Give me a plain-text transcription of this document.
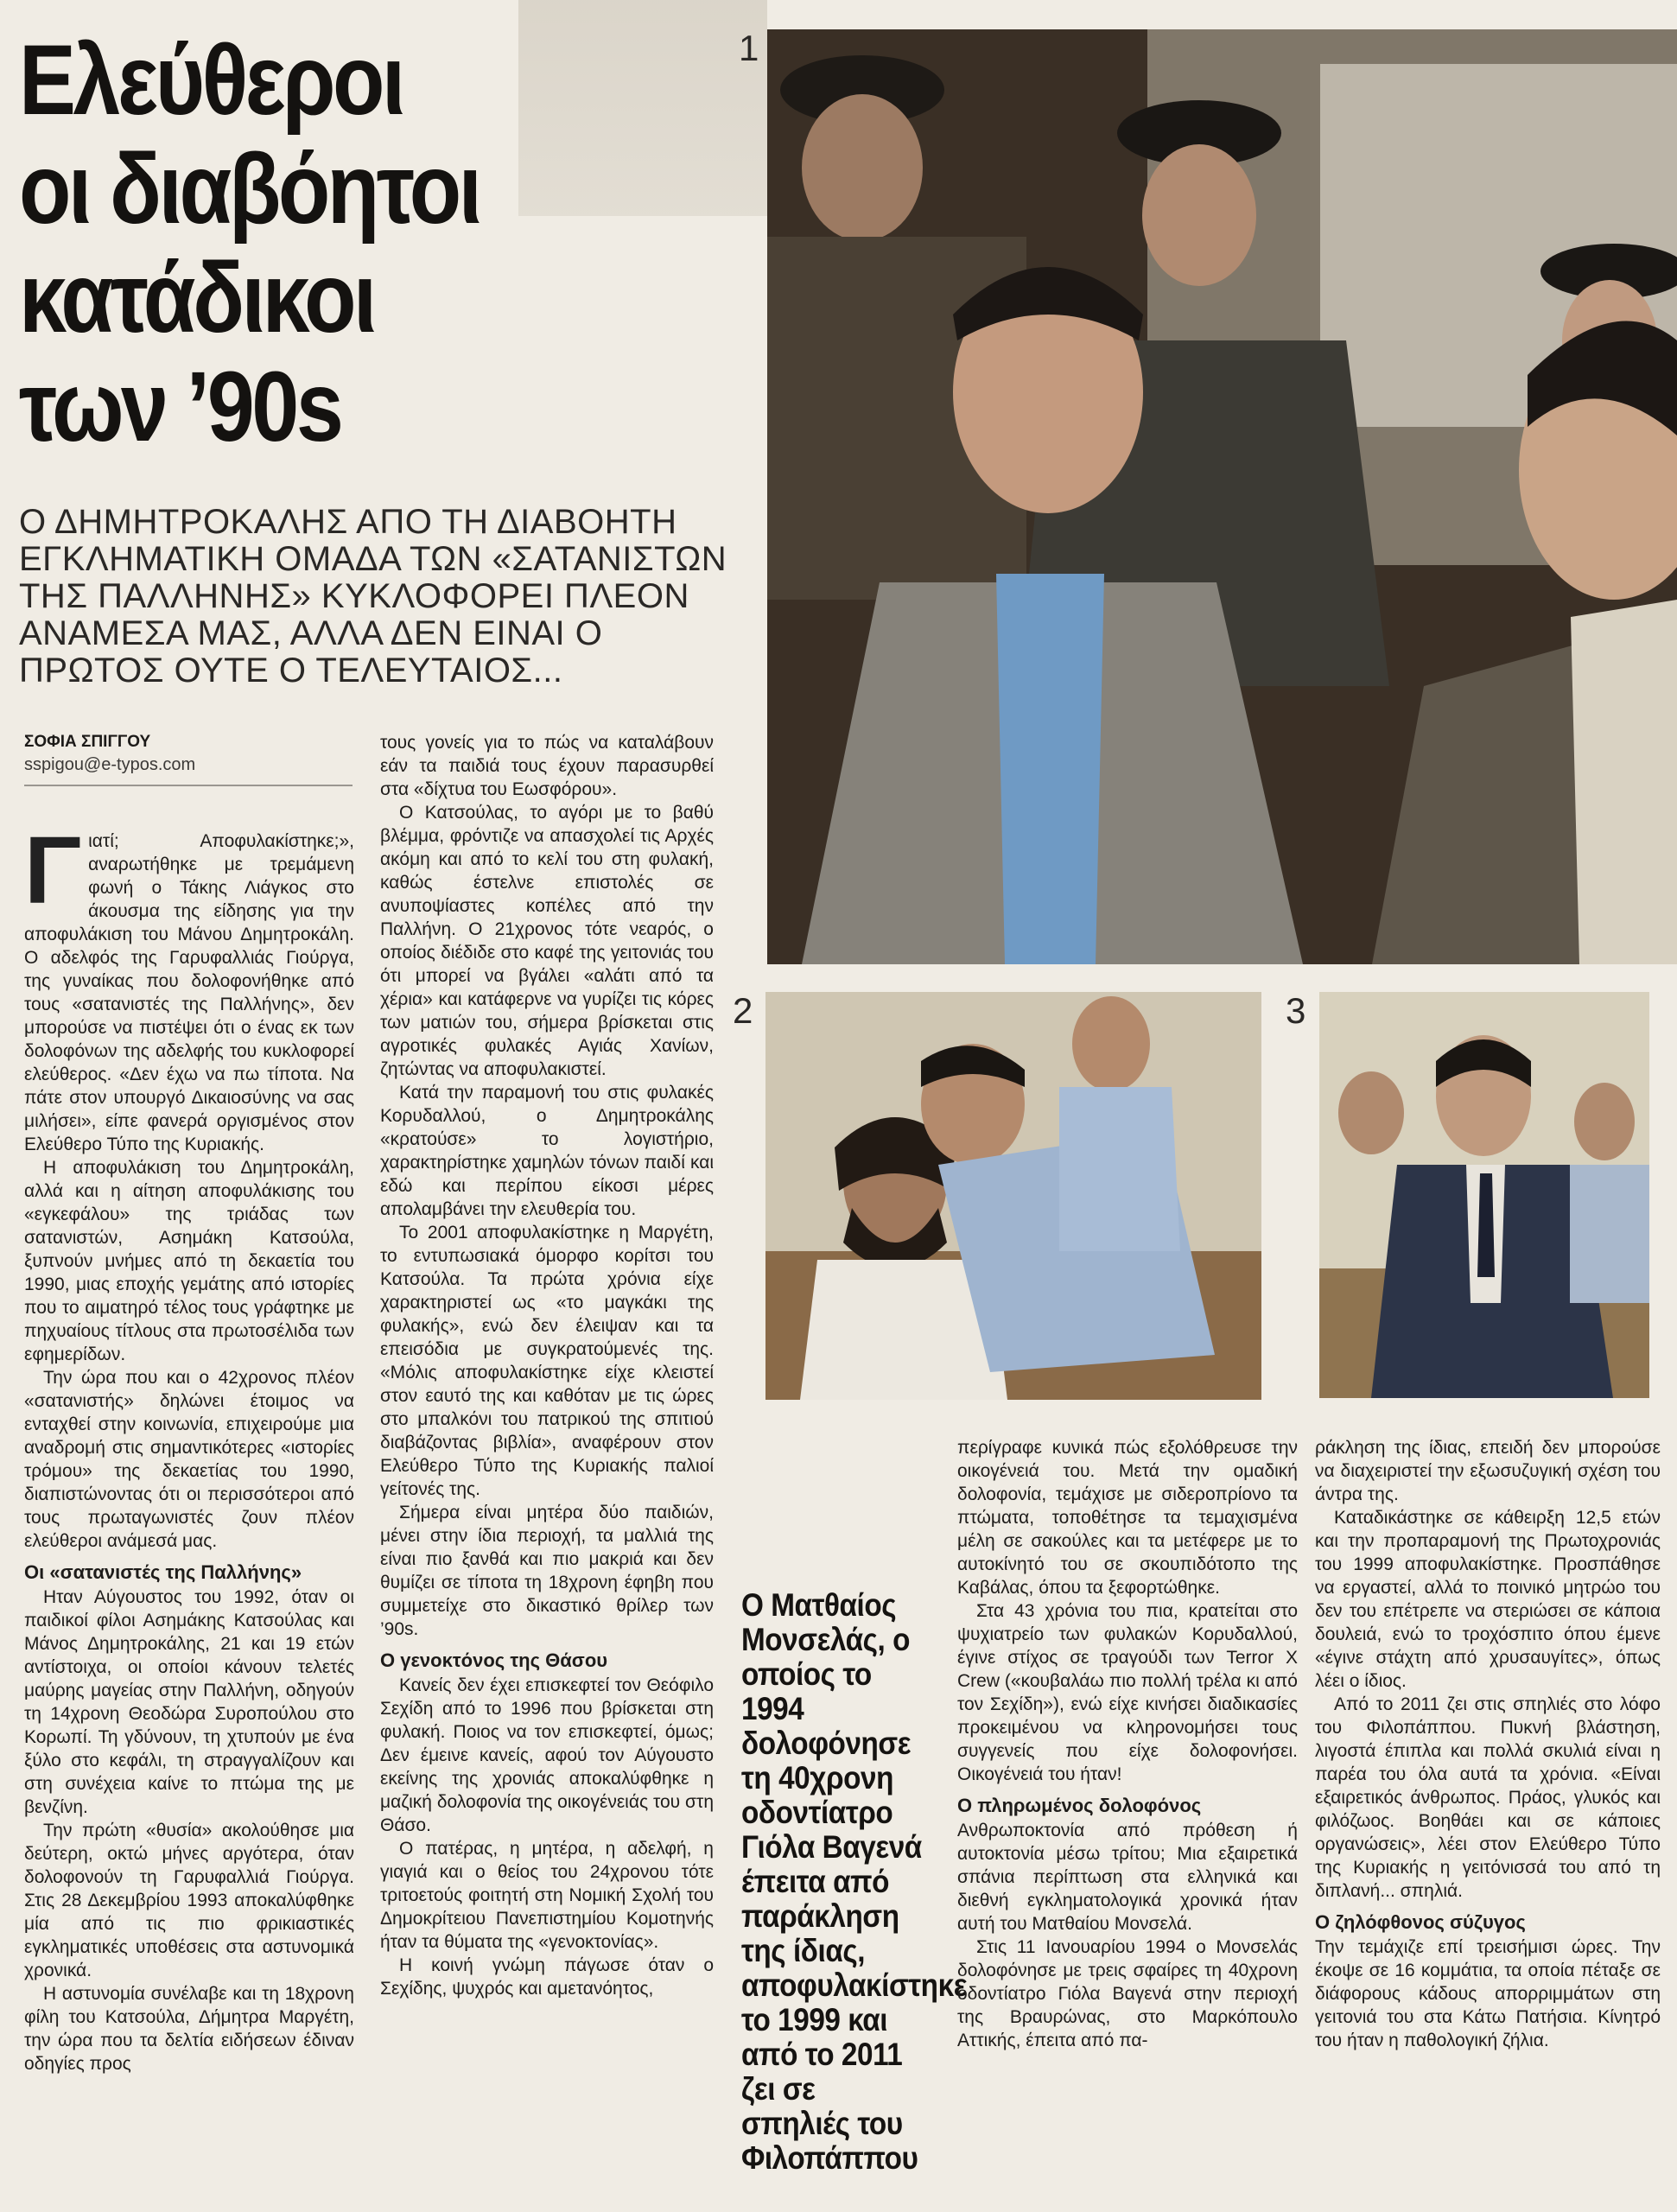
Ελεύθεροι
οι διαβόητοι
κατάδικοι
των ’90s
Ο ΔΗΜΗΤΡΟΚΑΛΗΣ ΑΠΟ ΤΗ ΔΙΑΒΟΗΤΗ ΕΓΚΛΗΜΑΤΙΚΗ ΟΜΑΔΑ ΤΩΝ «ΣΑΤΑΝΙΣΤΩΝ ΤΗΣ ΠΑΛΛΗΝΗΣ» ΚΥΚΛΟΦΟΡΕΙ ΠΛΕΟΝ ΑΝΑΜΕΣΑ ΜΑΣ, ΑΛΛΑ ΔΕΝ ΕΙΝΑΙ Ο ΠΡΩΤΟΣ ΟΥΤΕ Ο ΤΕΛΕΥΤΑΙΟΣ...
ΣΟΦΙΑ ΣΠΙΓΓΟΥ
sspigou@e-typos.com

Γιατί; Αποφυλακίστηκε;», αναρωτήθηκε με τρεμάμενη φωνή ο Τάκης Λιάγκος στο άκουσμα της είδησης για την αποφυλάκιση του Μάνου Δημητροκάλη. Ο αδελφός της Γαρυφαλλιάς Γιούργα, της γυναίκας που δολοφονήθηκε από τους «σατανιστές της Παλλήνης», δεν μπορούσε να πιστέψει ότι ο ένας εκ των δολοφόνων της αδελφής του κυκλοφορεί ελεύθερος. «Δεν έχω να πω τίποτα. Να πάτε στον υπουργό Δικαιοσύνης να σας μιλήσει», είπε φανερά οργισμένος στον Ελεύθερο Τύπο της Κυριακής.

Η αποφυλάκιση του Δημητροκάλη, αλλά και η αίτηση αποφυλάκισης του «εγκεφάλου» της τριάδας των σατανιστών, Ασημάκη Κατσούλα, ξυπνούν μνήμες από τη δεκαετία του 1990, μιας εποχής γεμάτης από ιστορίες που το αιματηρό τέλος τους γράφτηκε με πηχυαίους τίτλους στα πρωτοσέλιδα των εφημερίδων.

Την ώρα που και ο 42χρονος πλέον «σατανιστής» δηλώνει έτοιμος να ενταχθεί στην κοινωνία, επιχειρούμε μια αναδρομή στις σημαντικότερες «ιστορίες τρόμου» της δεκαετίας του 1990, διαπιστώνοντας ότι οι περισσότεροι από τους πρωταγωνιστές ζουν πλέον ελεύθεροι ανάμεσά μας.

Οι «σατανιστές της Παλλήνης»

Ηταν Αύγουστος του 1992, όταν οι παιδικοί φίλοι Ασημάκης Κατσούλας και Μάνος Δημητροκάλης, 21 και 19 ετών αντίστοιχα, οι οποίοι κάνουν τελετές μαύρης μαγείας στην Παλλήνη, οδηγούν τη 14χρονη Θεοδώρα Συροπούλου στο Κορωπί. Τη γδύνουν, τη χτυπούν με ένα ξύλο στο κεφάλι, τη στραγγαλίζουν και στη συνέχεια καίνε το πτώμα της με βενζίνη.

Την πρώτη «θυσία» ακολούθησε μια δεύτερη, οκτώ μήνες αργότερα, όταν δολοφονούν τη Γαρυφαλλιά Γιούργα. Στις 28 Δεκεμβρίου 1993 αποκαλύφθηκε μία από τις πιο φρικιαστικές εγκληματικές υποθέσεις στα αστυνομικά χρονικά.

Η αστυνομία συνέλαβε και τη 18χρονη φίλη του Κατσούλα, Δήμητρα Μαργέτη, την ώρα που τα δελτία ειδήσεων έδιναν οδηγίες προς

τους γονείς για το πώς να καταλάβουν εάν τα παιδιά τους έχουν παρασυρθεί στα «δίχτυα του Εωσφόρου».

Ο Κατσούλας, το αγόρι με το βαθύ βλέμμα, φρόντιζε να απασχολεί τις Αρχές ακόμη και από το κελί του στη φυλακή, καθώς έστελνε επιστολές σε ανυποψίαστες κοπέλες από την Παλλήνη. Ο 21χρονος τότε νεαρός, ο οποίος διέδιδε στο καφέ της γειτονιάς του ότι μπορεί να βγάλει «αλάτι από τα χέρια» και κατάφερνε να γυρίζει τις κόρες των ματιών του, σήμερα βρίσκεται στις αγροτικές φυλακές Αγιάς Χανίων, ζητώντας να αποφυλακιστεί.

Κατά την παραμονή του στις φυλακές Κορυδαλλού, ο Δημητροκάλης «κρατούσε» το λογιστήριο, χαρακτηρίστηκε χαμηλών τόνων παιδί και εδώ και περίπου είκοσι μέρες απολαμβάνει την ελευθερία του.

Το 2001 αποφυλακίστηκε η Μαργέτη, το εντυπωσιακά όμορφο κορίτσι του Κατσούλα. Τα πρώτα χρόνια είχε χαρακτηριστεί ως «το μαγκάκι της φυλακής», ενώ δεν έλειψαν και τα επεισόδια με συγκρατούμενές της. «Μόλις αποφυλακίστηκε είχε κλειστεί στον εαυτό της και καθόταν με τις ώρες στο μπαλκόνι του πατρικού της σπιτιού διαβάζοντας βιβλία», αναφέρουν στον Ελεύθερο Τύπο της Κυριακής παλιοί γείτονές της.

Σήμερα είναι μητέρα δύο παιδιών, μένει στην ίδια περιοχή, τα μαλλιά της είναι πιο ξανθά και πιο μακριά και δεν θυμίζει σε τίποτα τη 18χρονη έφηβη που συμμετείχε στο δικαστικό θρίλερ των ’90s.

Ο γενοκτόνος της Θάσου

Κανείς δεν έχει επισκεφτεί τον Θεόφιλο Σεχίδη από το 1996 που βρίσκεται στη φυλακή. Ποιος να τον επισκεφτεί, όμως; Δεν έμεινε κανείς, αφού τον Αύγουστο εκείνης της χρονιάς αποκαλύφθηκε η μαζική δολοφονία της οικογένειάς του στη Θάσο.

Ο πατέρας, η μητέρα, η αδελφή, η γιαγιά και ο θείος του 24χρονου τότε τριτοετούς φοιτητή στη Νομική Σχολή του Δημοκρίτειου Πανεπιστημίου Κομοτηνής ήταν τα θύματα της «γενοκτονίας».

Η κοινή γνώμη πάγωσε όταν ο Σεχίδης, ψυχρός και αμετανόητος,

1
2	3
Ο Ματθαίος Μονσελάς, ο οποίος το 1994 δολοφόνησε τη 40χρονη οδοντίατρο Γιόλα Βαγενά έπειτα από παράκληση της ίδιας, αποφυλακίστηκε το 1999 και από το 2011 ζει σε σπηλιές του Φιλοπάππου

περίγραφε κυνικά πώς εξολόθρευσε την οικογένειά του. Μετά την ομαδική δολοφονία, τεμάχισε με σιδεροπρίονο τα πτώματα, τοποθέτησε τα τεμαχισμένα μέλη σε σακούλες και τα μετέφερε με το αυτοκίνητό του σε σκουπιδότοπο της Καβάλας, όπου τα ξεφορτώθηκε.

Στα 43 χρόνια του πια, κρατείται στο ψυχιατρείο των φυλακών Κορυδαλλού, έγινε στίχος σε τραγούδι των Terror X Crew («κουβαλάω πιο πολλή τρέλα κι από τον Σεχίδη»), ενώ είχε κινήσει διαδικασίες προκειμένου να κληρονομήσει τους συγγενείς που είχε δολοφονήσει. Οικογένειά του ήταν!

Ο πληρωμένος δολοφόνος

Ανθρωποκτονία από πρόθεση ή αυτοκτονία μέσω τρίτου; Μια εξαιρετικά σπάνια περίπτωση στα ελληνικά και διεθνή εγκληματολογικά χρονικά ήταν αυτή του Ματθαίου Μονσελά.

Στις 11 Ιανουαρίου 1994 ο Μονσελάς δολοφόνησε με τρεις σφαίρες τη 40χρονη οδοντίατρο Γιόλα Βαγενά στην περιοχή της Βραυρώνας, στο Μαρκόπουλο Αττικής, έπειτα από πα-

ράκληση της ίδιας, επειδή δεν μπορούσε να διαχειριστεί την εξωσυζυγική σχέση του άντρα της.

Καταδικάστηκε σε κάθειρξη 12,5 ετών και την προπαραμονή της Πρωτοχρονιάς του 1999 αποφυλακίστηκε. Προσπάθησε να εργαστεί, αλλά το ποινικό μητρώο του δεν του επέτρεπε να στεριώσει σε κάποια δουλειά, ενώ το τροχόσπιτο όπου έμενε «έγινε στάχτη από χρυσαυγίτες», όπως λέει ο ίδιος.

Από το 2011 ζει στις σπηλιές στο λόφο του Φιλοπάππου. Πυκνή βλάστηση, λιγοστά έπιπλα και πολλά σκυλιά είναι η παρέα του όλα αυτά τα χρόνια. «Είναι εξαιρετικός άνθρωπος. Πράος, γλυκός και φιλόζωος. Βοηθάει και σε κάποιες οργανώσεις», λέει στον Ελεύθερο Τύπο της Κυριακής η γειτόνισσά του από τη διπλανή... σπηλιά.

Ο ζηλόφθονος σύζυγος

Την τεμάχιζε επί τρεισήμισι ώρες. Την έκοψε σε 16 κομμάτια, τα οποία πέταξε σε διάφορους κάδους απορριμμάτων στη γειτονιά του στα Κάτω Πατήσια. Κίνητρό του ήταν η παθολογική ζήλια.
